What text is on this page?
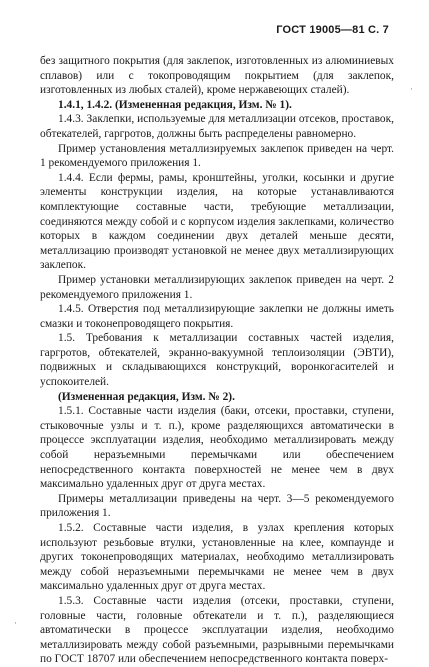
ГОСТ 19005—81 С. 7

без защитного покрытия (для заклепок, изготовленных из алюминиевых сплавов) или с токопроводящим покрытием (для заклепок, изготовленных из любых сталей), кроме нержавеющих сталей).

1.4.1, 1.4.2. (Измененная редакция, Изм. № 1).

1.4.3. Заклепки, используемые для металлизации отсеков, проставок, обтекателей, гаргротов, должны быть распределены равномерно.

Пример установления металлизируемых заклепок приведен на черт. 1 рекомендуемого приложения 1.

1.4.4. Если фермы, рамы, кронштейны, уголки, косынки и другие элементы конструкции изделия, на которые устанавливаются комплектующие составные части, требующие металлизации, соединяются между собой и с корпусом изделия заклепками, количество которых в каждом соединении двух деталей меньше десяти, металлизацию производят установкой не менее двух металлизирующих заклепок.

Пример установки металлизирующих заклепок приведен на черт. 2 рекомендуемого приложения 1.

1.4.5. Отверстия под металлизирующие заклепки не должны иметь смазки и токонепроводящего покрытия.

1.5. Требования к металлизации составных частей изделия, гаргротов, обтекателей, экранно-вакуумной теплоизоляции (ЭВТИ), подвижных и складывающихся конструкций, воронкогасителей и успокоителей.

(Измененная редакция, Изм. № 2).

1.5.1. Составные части изделия (баки, отсеки, проставки, ступени, стыковочные узлы и т. п.), кроме разделяющихся автоматически в процессе эксплуатации изделия, необходимо металлизировать между собой неразъемными перемычками или обеспечением непосредственного контакта поверхностей не менее чем в двух максимально удаленных друг от друга местах.

Примеры металлизации приведены на черт. 3—5 рекомендуемого приложения 1.

1.5.2. Составные части изделия, в узлах крепления которых используют резьбовые втулки, установленные на клее, компаунде и других токонепроводящих материалах, необходимо металлизировать между собой неразъемными перемычками не менее чем в двух максимально удаленных друг от друга местах.

1.5.3. Составные части изделия (отсеки, проставки, ступени, головные части, головные обтекатели и т. п.), разделяющиеся автоматически в процессе эксплуатации изделия, необходимо металлизировать между собой разъемными, разрывными перемычками по ГОСТ 18707 или обеспечением непосредственного контакта поверх-

·
·
